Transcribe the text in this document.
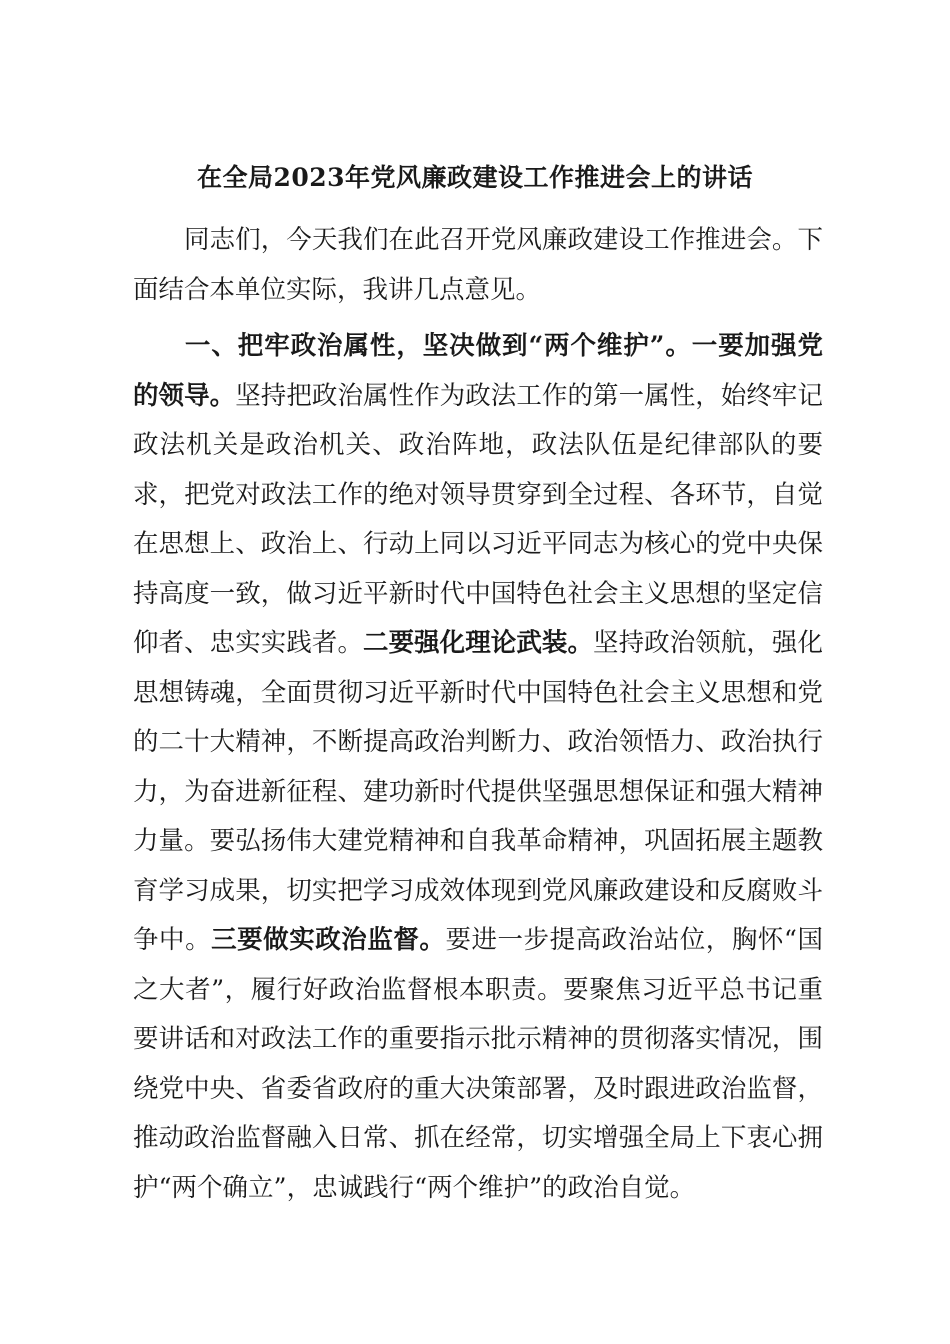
在全局2023年党风廉政建设工作推进会上的讲话

同志们，今天我们在此召开党风廉政建设工作推进会。下面结合本单位实际，我讲几点意见。

一、把牢政治属性，坚决做到“两个维护”。一要加强党的领导。坚持把政治属性作为政法工作的第一属性，始终牢记政法机关是政治机关、政治阵地，政法队伍是纪律部队的要求，把党对政法工作的绝对领导贯穿到全过程、各环节，自觉在思想上、政治上、行动上同以习近平同志为核心的党中央保持高度一致，做习近平新时代中国特色社会主义思想的坚定信仰者、忠实实践者。二要强化理论武装。坚持政治领航，强化思想铸魂，全面贯彻习近平新时代中国特色社会主义思想和党的二十大精神，不断提高政治判断力、政治领悟力、政治执行力，为奋进新征程、建功新时代提供坚强思想保证和强大精神力量。要弘扬伟大建党精神和自我革命精神，巩固拓展主题教育学习成果，切实把学习成效体现到党风廉政建设和反腐败斗争中。三要做实政治监督。要进一步提高政治站位，胸怀“国之大者”，履行好政治监督根本职责。要聚焦习近平总书记重要讲话和对政法工作的重要指示批示精神的贯彻落实情况，围绕党中央、省委省政府的重大决策部署，及时跟进政治监督，推动政治监督融入日常、抓在经常，切实增强全局上下衷心拥护“两个确立”，忠诚践行“两个维护”的政治自觉。
